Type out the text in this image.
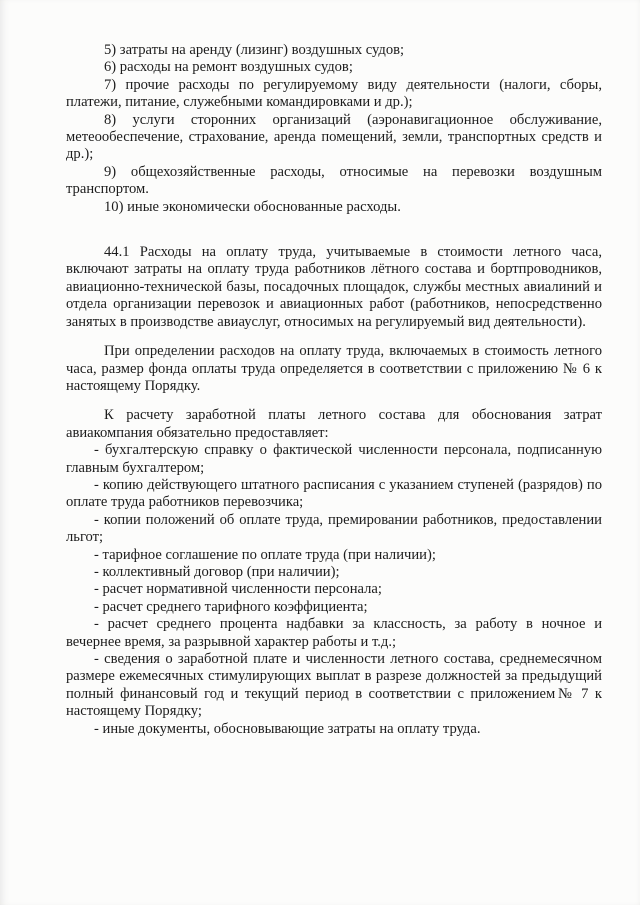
5) затраты на аренду (лизинг) воздушных судов;

6) расходы на ремонт воздушных судов;

7) прочие расходы по регулируемому виду деятельности (налоги, сборы, платежи, питание, служебными командировками и др.);

8) услуги сторонних организаций (аэронавигационное обслуживание, метеообеспечение, страхование, аренда помещений, земли, транспортных средств и др.);

9) общехозяйственные расходы, относимые на перевозки воздушным транспортом.

10) иные экономически обоснованные расходы.

44.1 Расходы на оплату труда, учитываемые в стоимости летного часа, включают затраты на оплату труда работников лётного состава и бортпроводников, авиационно-технической базы, посадочных площадок, службы местных авиалиний и отдела организации перевозок и авиационных работ (работников, непосредственно занятых в производстве авиауслуг, относимых на регулируемый вид деятельности).

При определении расходов на оплату труда, включаемых в стоимость летного часа, размер фонда оплаты труда определяется в соответствии с приложению № 6 к настоящему Порядку.

К расчету заработной платы летного состава для обоснования затрат авиакомпания обязательно предоставляет:

- бухгалтерскую справку о фактической численности персонала, подписанную главным бухгалтером;

- копию действующего штатного расписания с указанием ступеней (разрядов) по оплате труда работников перевозчика;

- копии положений об оплате труда, премировании работников, предоставлении льгот;

- тарифное соглашение по оплате труда (при наличии);

- коллективный договор (при наличии);

- расчет нормативной численности персонала;

- расчет среднего тарифного коэффициента;

- расчет среднего процента надбавки за классность, за работу в ночное и вечернее время, за разрывной характер работы и т.д.;

- сведения о заработной плате и численности летного состава, среднемесячном размере ежемесячных стимулирующих выплат в разрезе должностей за предыдущий полный финансовый год и текущий период в соответствии с приложением№ 7 к настоящему Порядку;

- иные документы, обосновывающие затраты на оплату труда.
